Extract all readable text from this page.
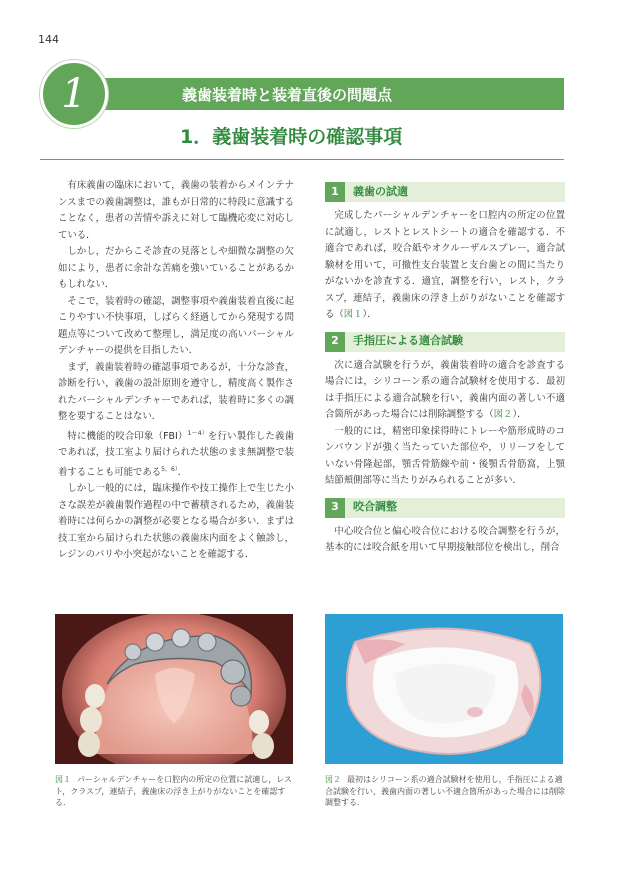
144
義歯装着時と装着直後の問題点
1
1．義歯装着時の確認事項

有床義歯の臨床において，義歯の装着からメインテナンスまでの義歯調整は，誰もが日常的に特段に意識することなく，患者の苦情や訴えに対して臨機応変に対応している．

しかし，だからこそ診査の見落としや細微な調整の欠如により，患者に余計な苦痛を強いていることがあるかもしれない．

そこで，装着時の確認，調整事項や義歯装着直後に起こりやすい不快事項，しばらく経過してから発現する問題点等について改めて整理し，満足度の高いパーシャルデンチャーの提供を目指したい．

まず，義歯装着時の確認事項であるが，十分な診査，診断を行い，義歯の設計原則を遵守し，精度高く製作されたパーシャルデンチャーであれば，装着時に多くの調整を要することはない．

特に機能的咬合印象（FBI）$^{1\sim 4)}$を行い製作した義歯であれば，技工室より届けられた状態のまま無調整で装着することも可能である$^{5,6)}$．

しかし一般的には，臨床操作や技工操作上で生じた小さな誤差が義歯製作過程の中で蓄積されるため，義歯装着時には何らかの調整が必要となる場合が多い．まずは技工室から届けられた状態の義歯床内面をよく触診し，レジンのバリや小突起がないことを確認する．

1	義歯の試適

完成したパーシャルデンチャーを口腔内の所定の位置に試適し，レストとレストシートの適合を確認する．不適合であれば，咬合紙やオクルーザルスプレー，適合試験材を用いて，可撤性支台装置と支台歯との間に当たりがないかを診査する．適宜，調整を行い，レスト，クラスプ，連結子，義歯床の浮き上がりがないことを確認する（図１）．

2	手指圧による適合試験

次に適合試験を行うが，義歯装着時の適合を診査する場合には，シリコーン系の適合試験材を使用する．最初は手指圧による適合試験を行い，義歯内面の著しい不適合箇所があった場合には削除調整する（図２）．

一般的には，精密印象採得時にトレーや筋形成時のコンパウンドが強く当たっていた部位や，リリーフをしていない骨隆起部，顎舌骨筋線や前・後顎舌骨筋窩，上顎結節頬側部等に当たりがみられることが多い．

3	咬合調整

中心咬合位と偏心咬合位における咬合調整を行うが，基本的には咬合紙を用いて早期接触部位を検出し，削合

図１ パーシャルデンチャーを口腔内の所定の位置に試適し，レスト，クラスプ，連結子，義歯床の浮き上がりがないことを確認する．
図２ 最初はシリコーン系の適合試験材を使用し，手指圧による適合試験を行い，義歯内面の著しい不適合箇所があった場合には削除調整する．
